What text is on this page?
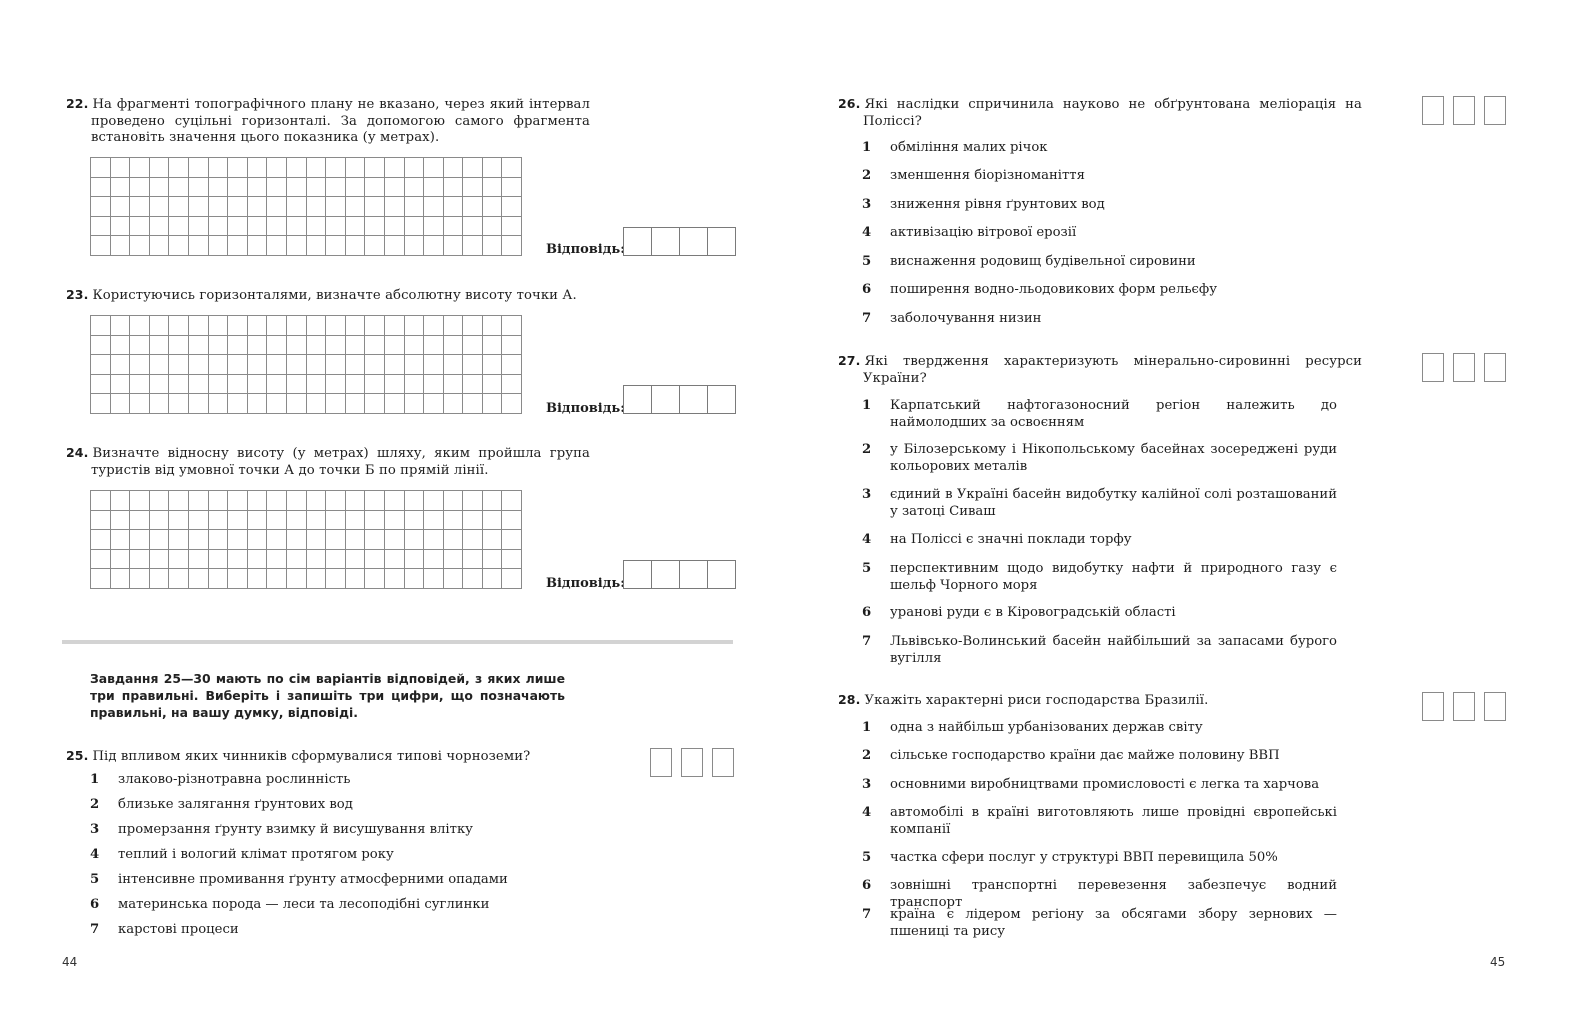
22. На фрагменті топографічного плану не вказано, через який інтервал проведено суцільні горизонталі. За допомогою самого фрагмента встановіть значення цього показника (у метрах).

Відповідь:
23. Користуючись горизонталями, визначте абсолютну висоту точки А.

Відповідь:
24. Визначте відносну висоту (у метрах) шляху, яким пройшла група туристів від умовної точки А до точки Б по прямій лінії.

Відповідь:
Завдання 25—30 мають по сім варіантів відповідей, з яких лише три правильні. Виберіть і запишіть три цифри, що позначають правильні, на вашу думку, відповіді.
25. Під впливом яких чинників сформувалися типові чорноземи?
1	злаково-різнотравна рослинність
2	близьке залягання ґрунтових вод
3	промерзання ґрунту взимку й висушування влітку
4	теплий і вологий клімат протягом року
5	інтенсивне промивання ґрунту атмосферними опадами
6	материнська порода — леси та лесоподібні суглинки
7	карстові процеси
44
26. Які наслідки спричинила науково не обґрунтована меліорація на Поліссі?
1	обміління малих річок
2	зменшення біорізноманіття
3	зниження рівня ґрунтових вод
4	активізацію вітрової ерозії
5	виснаження родовищ будівельної сировини
6	поширення водно-льодовикових форм рельєфу
7	заболочування низин
27. Які твердження характеризують мінерально-сировинні ресурси України?
1	Карпатський нафтогазоносний регіон належить до наймолодших за освоєнням
2	у Білозерському і Нікопольському басейнах зосереджені руди кольорових металів
3	єдиний в Україні басейн видобутку калійної солі розташований у затоці Сиваш
4	на Поліссі є значні поклади торфу
5	перспективним щодо видобутку нафти й природного газу є шельф Чорного моря
6	уранові руди є в Кіровоградській області
7	Львівсько-Волинський басейн найбільший за запасами бурого вугілля
28. Укажіть характерні риси господарства Бразилії.
1	одна з найбільш урбанізованих держав світу
2	сільське господарство країни дає майже половину ВВП
3	основними виробництвами промисловості є легка та харчова
4	автомобілі в країні виготовляють лише провідні європейські компанії
5	частка сфери послуг у структурі ВВП перевищила 50%
6	зовнішні транспортні перевезення забезпечує водний транспорт
7	країна є лідером регіону за обсягами збору зернових — пшениці та рису
45
